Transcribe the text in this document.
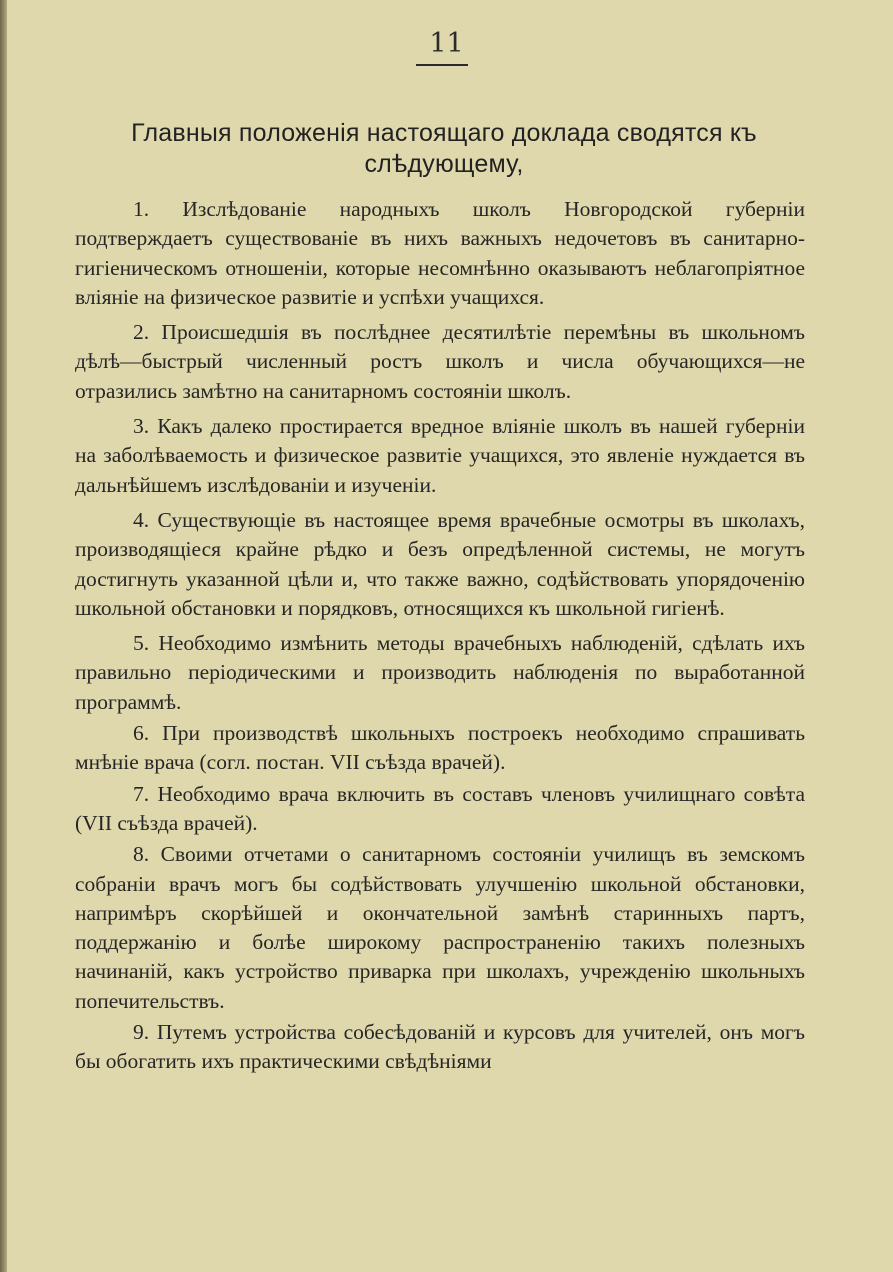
11
Главныя положенія настоящаго доклада сводятся къ слѣдующему,

1. Изслѣдованіе народныхъ школъ Новгородской губерніи подтверждаетъ существованіе въ нихъ важныхъ недочетовъ въ санитарно-гигіеническомъ отношеніи, которые несомнѣнно оказываютъ неблагопріятное вліяніе на физическое развитіе и успѣхи учащихся.

2. Происшедшія въ послѣднее десятилѣтіе перемѣны въ школьномъ дѣлѣ—быстрый численный ростъ школъ и числа обучающихся—не отразились замѣтно на санитарномъ состояніи школъ.

3. Какъ далеко простирается вредное вліяніе школъ въ нашей губерніи на заболѣваемость и физическое развитіе учащихся, это явленіе нуждается въ дальнѣйшемъ изслѣдованіи и изученіи.

4. Существующіе въ настоящее время врачебные осмотры въ школахъ, производящіеся крайне рѣдко и безъ опредѣленной системы, не могутъ достигнуть указанной цѣли и, что также важно, содѣйствовать упорядоченію школьной обстановки и порядковъ, относящихся къ школьной гигіенѣ.

5. Необходимо измѣнить методы врачебныхъ наблюденій, сдѣлать ихъ правильно періодическими и производить наблюденія по выработанной программѣ.

6. При производствѣ школьныхъ построекъ необходимо спрашивать мнѣніе врача (согл. постан. VII съѣзда врачей).

7. Необходимо врача включить въ составъ членовъ училищнаго совѣта (VII съѣзда врачей).

8. Своими отчетами о санитарномъ состояніи училищъ въ земскомъ собраніи врачъ могъ бы содѣйствовать улучшенію школьной обстановки, напримѣръ скорѣйшей и окончательной замѣнѣ старинныхъ партъ, поддержанію и болѣе широкому распространенію такихъ полезныхъ начинаній, какъ устройство приварка при школахъ, учрежденію школьныхъ попечительствъ.

9. Путемъ устройства собесѣдованій и курсовъ для учителей, онъ могъ бы обогатить ихъ практическими свѣдѣніями
